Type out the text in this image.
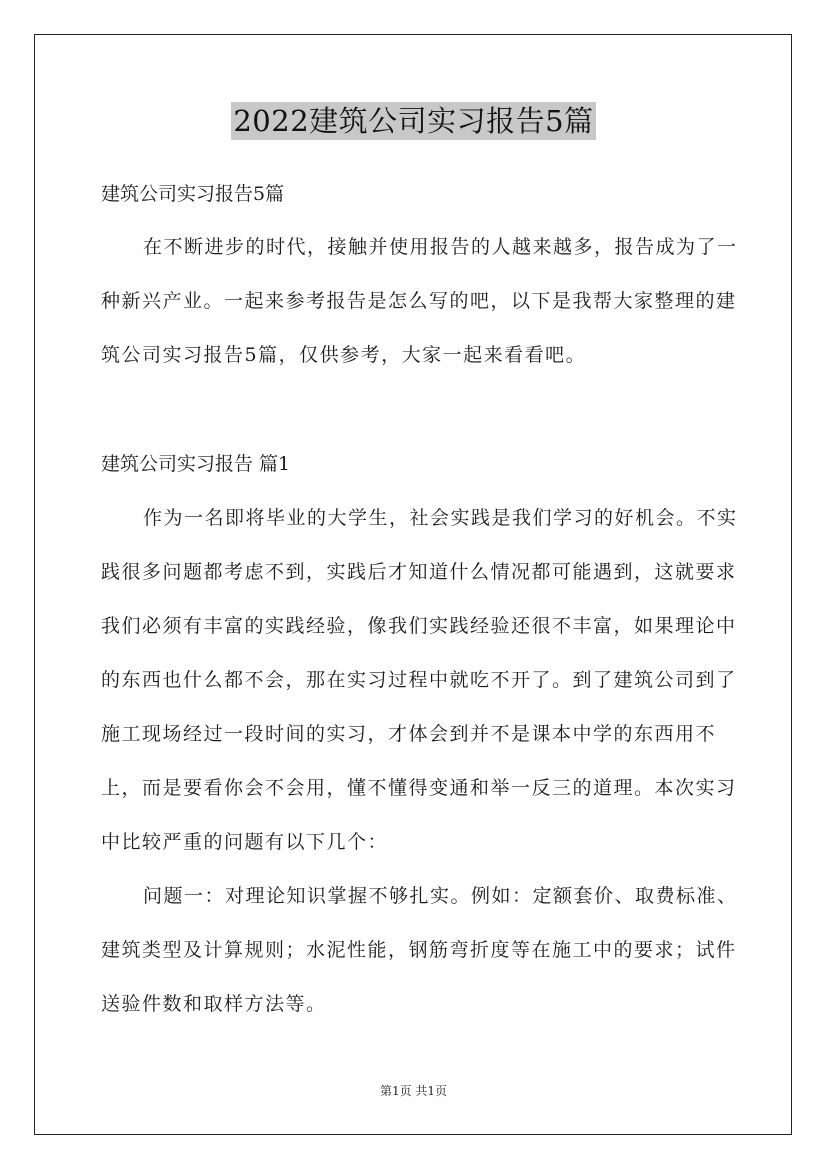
2022建筑公司实习报告5篇
建筑公司实习报告5篇

在不断进步的时代，接触并使用报告的人越来越多，报告成为了一种新兴产业。一起来参考报告是怎么写的吧，以下是我帮大家整理的建筑公司实习报告5篇，仅供参考，大家一起来看看吧。

建筑公司实习报告 篇1

作为一名即将毕业的大学生，社会实践是我们学习的好机会。不实践很多问题都考虑不到，实践后才知道什么情况都可能遇到，这就要求我们必须有丰富的实践经验，像我们实践经验还很不丰富，如果理论中的东西也什么都不会，那在实习过程中就吃不开了。到了建筑公司到了施工现场经过一段时间的实习，才体会到并不是课本中学的东西用不上，而是要看你会不会用，懂不懂得变通和举一反三的道理。本次实习中比较严重的问题有以下几个：

问题一：对理论知识掌握不够扎实。例如：定额套价、取费标准、建筑类型及计算规则；水泥性能，钢筋弯折度等在施工中的要求；试件送验件数和取样方法等。

第1页 共1页
